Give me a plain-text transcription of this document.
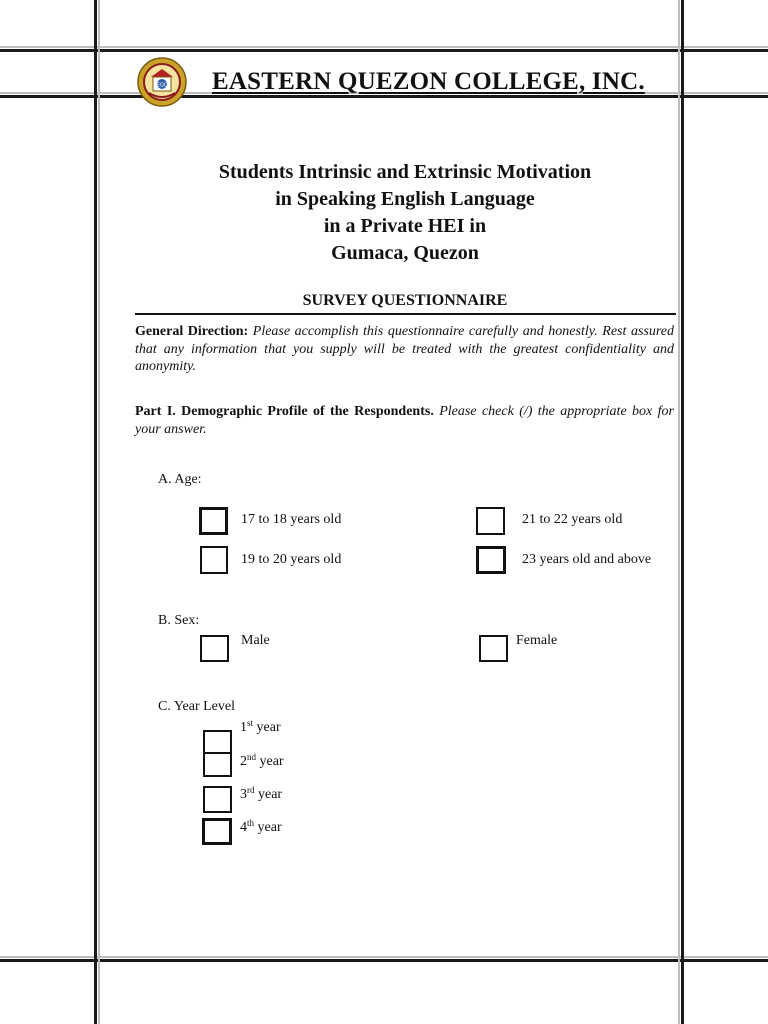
EQC EASTERN QUEZON COLLEGE, INC.
Students Intrinsic and Extrinsic Motivation
in Speaking English Language
in a Private HEI in
Gumaca, Quezon
SURVEY QUESTIONNAIRE
General Direction: Please accomplish this questionnaire carefully and honestly. Rest assured that any information that you supply will be treated with the greatest confidentiality and anonymity.
Part I. Demographic Profile of the Respondents. Please check (/) the appropriate box for your answer.
A. Age:
17 to 18 years old	21 to 22 years old
19 to 20 years old	23 years old and above
B. Sex:
Male	Female
C. Year Level
1st year
2nd year
3rd year
4th year
